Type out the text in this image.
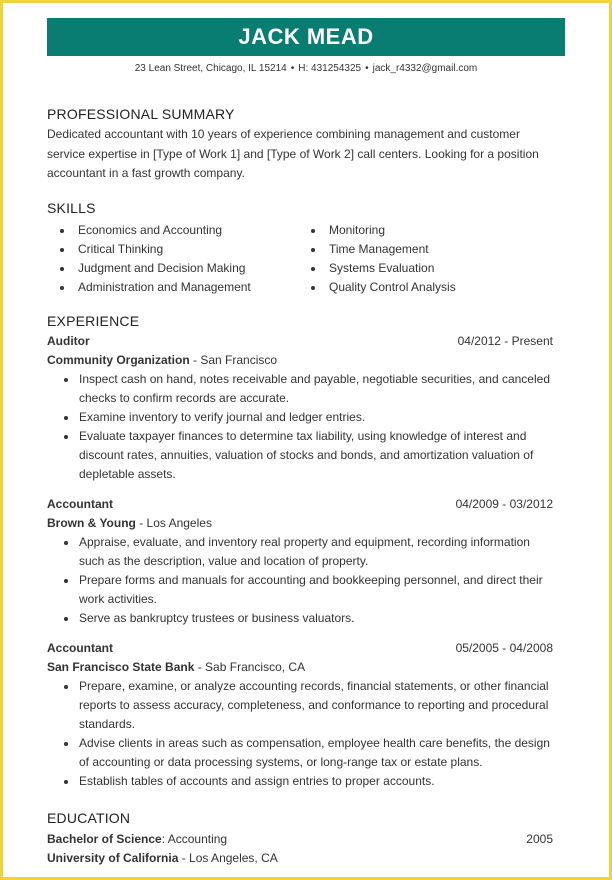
JACK MEAD
23 Lean Street, Chicago, IL 15214 • H: 431254325 • jack_r4332@gmail.com
PROFESSIONAL SUMMARY
Dedicated accountant with 10 years of experience combining management and customer service expertise in [Type of Work 1] and [Type of Work 2] call centers. Looking for a position accountant in a fast growth company.
SKILLS
Economics and Accounting
Critical Thinking
Judgment and Decision Making
Administration and Management
Monitoring
Time Management
Systems Evaluation
Quality Control Analysis
EXPERIENCE
Auditor	04/2012 - Present
Community Organization - San Francisco
Inspect cash on hand, notes receivable and payable, negotiable securities, and canceled checks to confirm records are accurate.
Examine inventory to verify journal and ledger entries.
Evaluate taxpayer finances to determine tax liability, using knowledge of interest and discount rates, annuities, valuation of stocks and bonds, and amortization valuation of depletable assets.
Accountant	04/2009 - 03/2012
Brown & Young - Los Angeles
Appraise, evaluate, and inventory real property and equipment, recording information such as the description, value and location of property.
Prepare forms and manuals for accounting and bookkeeping personnel, and direct their work activities.
Serve as bankruptcy trustees or business valuators.
Accountant	05/2005 - 04/2008
San Francisco State Bank - Sab Francisco, CA
Prepare, examine, or analyze accounting records, financial statements, or other financial reports to assess accuracy, completeness, and conformance to reporting and procedural standards.
Advise clients in areas such as compensation, employee health care benefits, the design of accounting or data processing systems, or long-range tax or estate plans.
Establish tables of accounts and assign entries to proper accounts.
EDUCATION
Bachelor of Science: Accounting	2005
University of California - Los Angeles, CA
